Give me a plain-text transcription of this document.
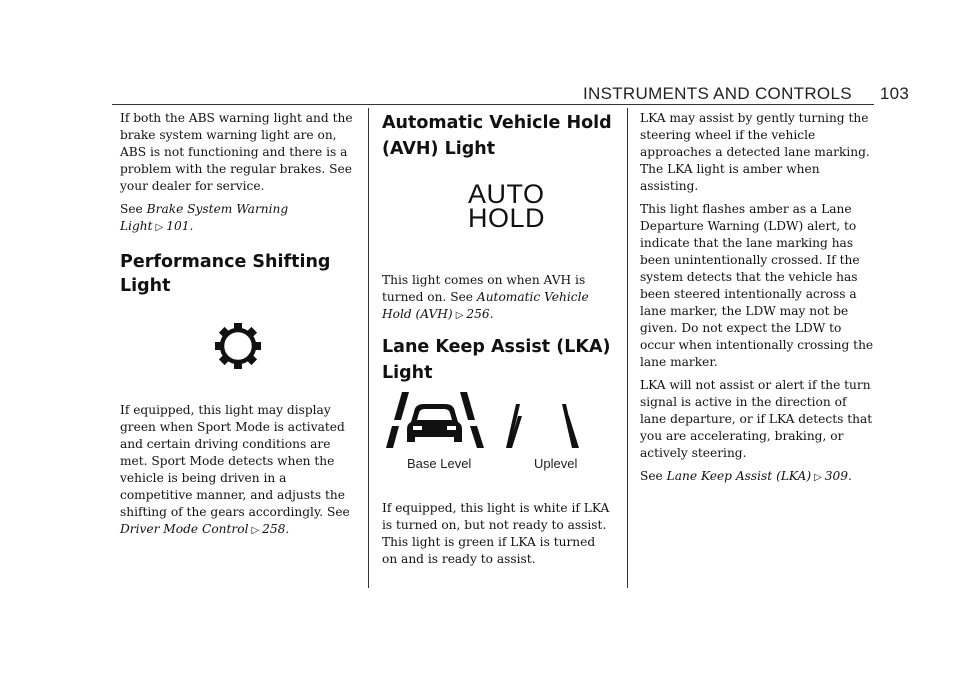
INSTRUMENTS AND CONTROLS 103

If both the ABS warning light and the brake system warning light are on, ABS is not functioning and there is a problem with the regular brakes. See your dealer for service.

See Brake System Warning Light ▷ 101.

Performance Shifting Light

If equipped, this light may display green when Sport Mode is activated and certain driving conditions are met. Sport Mode detects when the vehicle is being driven in a competitive manner, and adjusts the shifting of the gears accordingly. See Driver Mode Control ▷ 258.

Automatic Vehicle Hold (AVH) Light
AUTO
HOLD

This light comes on when AVH is turned on. See Automatic Vehicle Hold (AVH) ▷ 256.

Lane Keep Assist (LKA) Light
Base Level	Uplevel

If equipped, this light is white if LKA is turned on, but not ready to assist. This light is green if LKA is turned on and is ready to assist.

LKA may assist by gently turning the steering wheel if the vehicle approaches a detected lane marking. The LKA light is amber when assisting.

This light flashes amber as a Lane Departure Warning (LDW) alert, to indicate that the lane marking has been unintentionally crossed. If the system detects that the vehicle has been steered intentionally across a lane marker, the LDW may not be given. Do not expect the LDW to occur when intentionally crossing the lane marker.

LKA will not assist or alert if the turn signal is active in the direction of lane departure, or if LKA detects that you are accelerating, braking, or actively steering.

See Lane Keep Assist (LKA) ▷ 309.
